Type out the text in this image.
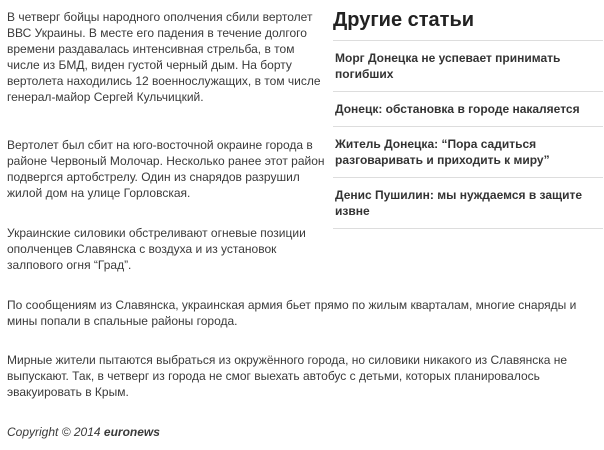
В четверг бойцы народного ополчения сбили вертолет ВВС Украины. В месте его падения в течение долгого времени раздавалась интенсивная стрельба, в том числе из БМД, виден густой черный дым. На борту вертолета находились 12 военнослужащих, в том числе генерал-майор Сергей Кульчицкий.

Вертолет был сбит на юго-восточной окраине города в районе Червоный Молочар. Несколько ранее этот район подвергся артобстрелу. Один из снарядов разрушил жилой дом на улице Горловская.

Украинские силовики обстреливают огневые позиции ополченцев Славянска с воздуха и из установок залпового огня “Град”.

По сообщениям из Славянска, украинская армия бьет прямо по жилым кварталам, многие снаряды и мины попали в спальные районы города.

Мирные жители пытаются выбраться из окружённого города, но силовики никакого из Славянска не выпускают. Так, в четверг из города не смог выехать автобус с детьми, которых планировалось эвакуировать в Крым.

Copyright © 2014 euronews

Другие статьи
Морг Донецка не успевает принимать погибших
Донецк: обстановка в городе накаляется
Житель Донецка: “Пора садиться разговаривать и приходить к миру”
Денис Пушилин: мы нуждаемся в защите извне
